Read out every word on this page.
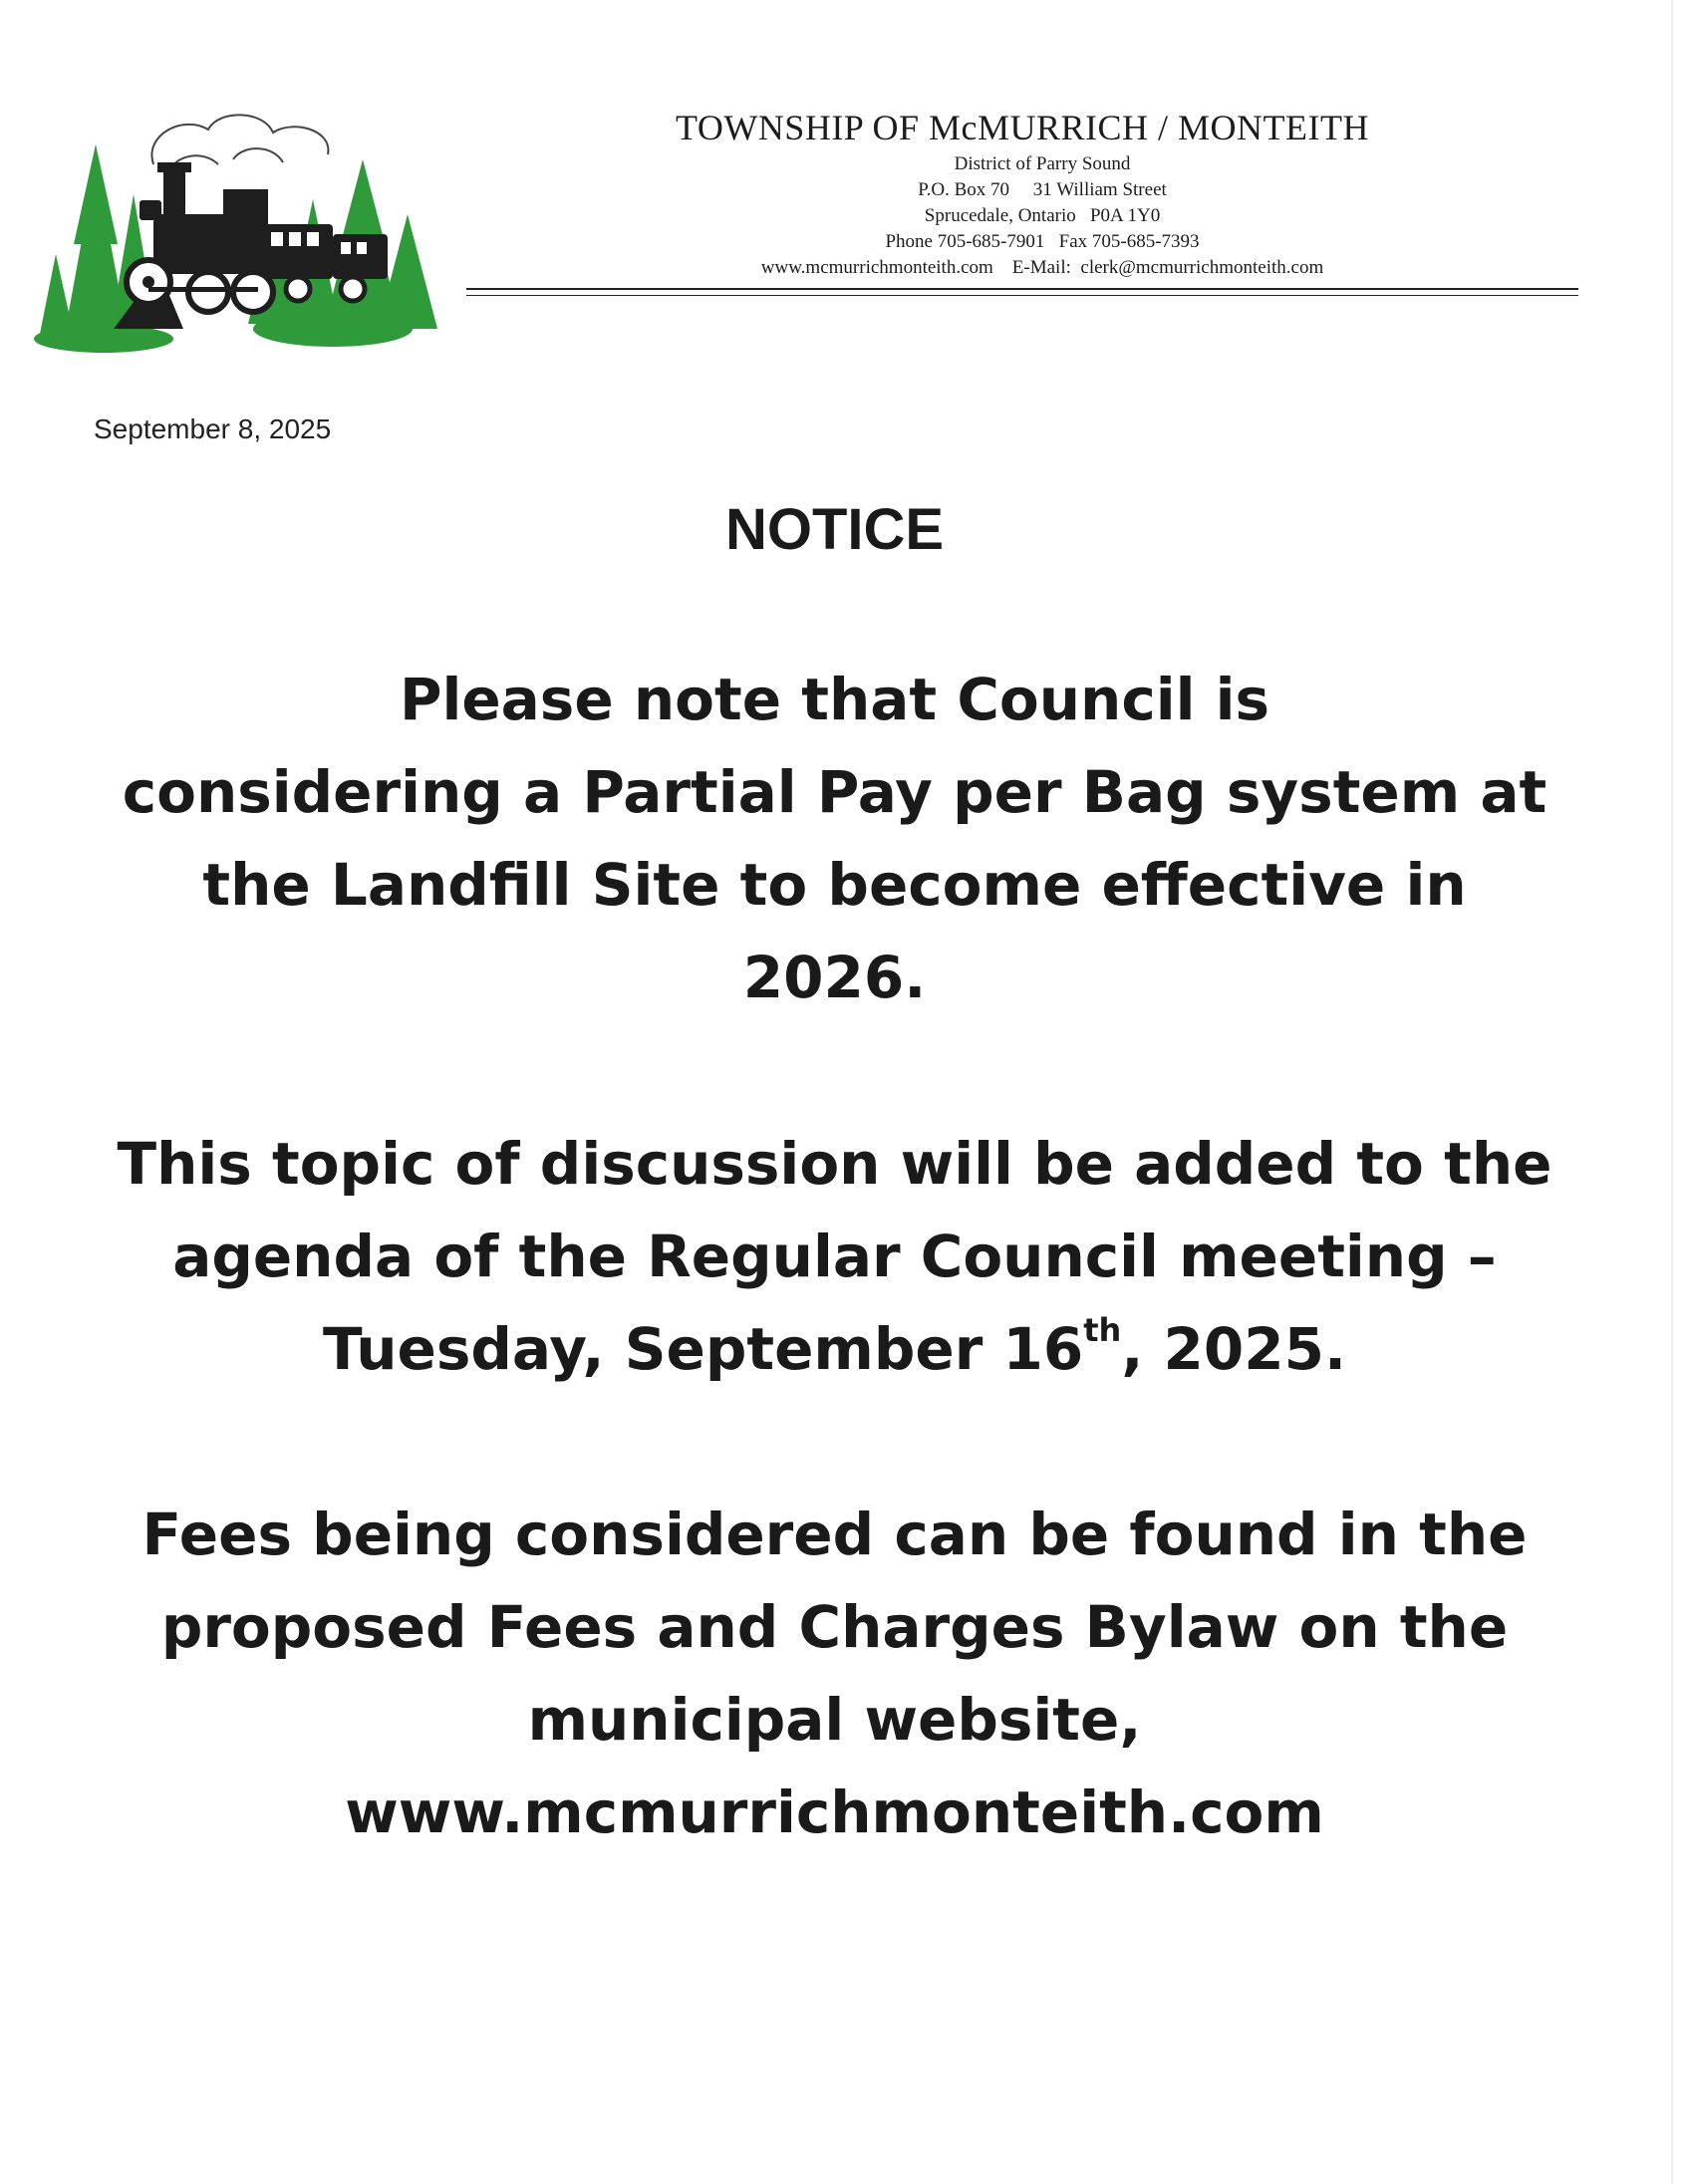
TOWNSHIP OF McMURRICH / MONTEITH

District of Parry Sound

P.O. Box 70     31 William Street

Sprucedale, Ontario   P0A 1Y0

Phone 705-685-7901   Fax 705-685-7393

www.mcmurrichmonteith.com    E-Mail:  clerk@mcmurrichmonteith.com

September 8, 2025
NOTICE

Please note that Council is
considering a Partial Pay per Bag system at
the Landfill Site to become effective in
2026.

This topic of discussion will be added to the
agenda of the Regular Council meeting –
Tuesday, September 16th, 2025.

Fees being considered can be found in the
proposed Fees and Charges Bylaw on the
municipal website,
www.mcmurrichmonteith.com
